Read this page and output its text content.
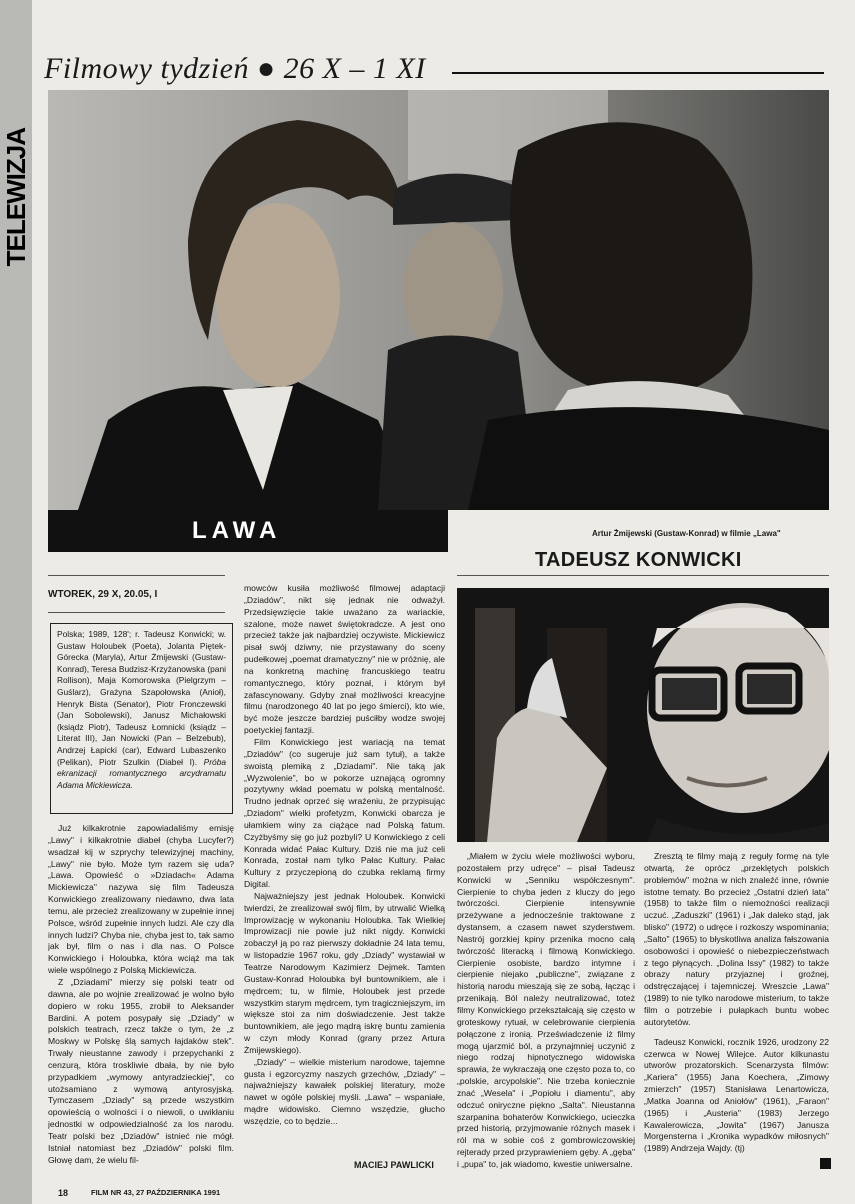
TELEWIZJA
Filmowy tydzień ● 26 X – 1 XI
LAWA	Artur Żmijewski (Gustaw-Konrad) w filmie „Lawa"
TADEUSZ KONWICKI
WTOREK, 29 X, 20.05, I
Polska; 1989, 128'; r. Tadeusz Konwicki; w. Gustaw Holoubek (Poeta), Jolanta Piętek-Górecka (Maryla), Artur Żmijewski (Gustaw-Konrad), Teresa Budzisz-Krzyżanowska (pani Rollison), Maja Komorowska (Pielgrzym – Guślarz), Grażyna Szapołowska (Anioł), Henryk Bista (Senator), Piotr Fronczewski (Jan Sobolewski), Janusz Michałowski (ksiądz Piotr), Tadeusz Łomnicki (ksiądz – Literat III), Jan Nowicki (Pan – Belzebub), Andrzej Łapicki (car), Edward Lubaszenko (Pelikan), Piotr Szulkin (Diabeł I). Próba ekranizacji romantycznego arcydramatu Adama Mickiewicza.

Już kilkakrotnie zapowiadaliśmy emisję „Lawy" i kilkakrotnie diabeł (chyba Lucyfer?) wsadzał kij w szprychy telewizyjnej machiny, „Lawy" nie było. Może tym razem się uda? „Lawa. Opowieść o »Dziadach« Adama Mickiewicza" nazywa się film Tadeusza Konwickiego zrealizowany niedawno, dwa lata temu, ale przecież zrealizowany w zupełnie innej Polsce, wśród zupełnie innych ludzi. Ale czy dla innych ludzi? Chyba nie, chyba jest to, tak samo jak był, film o nas i dla nas. O Polsce Konwickiego i Holoubka, która wciąż ma tak wiele wspólnego z Polską Mickiewicza.

Z „Dziadami" mierzy się polski teatr od dawna, ale po wojnie zrealizować je wolno było dopiero w roku 1955, zrobił to Aleksander Bardini. A potem posypały się „Dziady" w polskich teatrach, rzecz także o tym, że „z Moskwy w Polskę ślą samych łajdaków stek". Trwały nieustanne zawody i przepychanki z cenzurą, która troskliwie dbała, by nie było przypadkiem „wymowy antyradzieckiej", co utożsamiano z wymową antyrosyjską. Tymczasem „Dziady" są przede wszystkim opowieścią o wolności i o niewoli, o uwikłaniu jednostki w odpowiedzialność za los narodu. Teatr polski bez „Dziadów" istnieć nie mógł. Istniał natomiast bez „Dziadów" polski film. Głowę dam, że wielu fil-

mowców kusiła możliwość filmowej adaptacji „Dziadów", nikt się jednak nie odważył. Przedsięwzięcie takie uważano za wariackie, szalone, może nawet świętokradcze. A jest ono przecież także jak najbardziej oczywiste. Mickiewicz pisał swój dziwny, nie przystawany do sceny pudełkowej „poemat dramatyczny" nie w próżnię, ale na konkretną machinę francuskiego teatru romantycznego, który poznał, i którym był zafascynowany. Gdyby znał możliwości kreacyjne filmu (narodzonego 40 lat po jego śmierci), kto wie, być może jeszcze bardziej puściłby wodze swojej poetyckiej fantazji.

Film Konwickiego jest wariacją na temat „Dziadów" (co sugeruje już sam tytuł), a także swoistą plemiką z „Dziadami". Nie taką jak „Wyzwolenie", bo w pokorze uznającą ogromny pozytywny wkład poematu w polską mentalność. Trudno jednak oprzeć się wrażeniu, że przypisując „Dziadom" wielki profetyzm, Konwicki obarcza je ułamkiem winy za ciążące nad Polską fatum. Czyżbyśmy się go już pozbyli? U Konwickiego z celi Konrada widać Pałac Kultury. Dziś nie ma już celi Konrada, został nam tylko Pałac Kultury. Pałac Kultury z przyczepioną do czubka reklamą firmy Digital.

Najważniejszy jest jednak Holoubek. Konwicki twierdzi, że zrealizował swój film, by utrwalić Wielką Improwizację w wykonaniu Holoubka. Tak Wielkiej Improwizacji nie powie już nikt nigdy. Konwicki zobaczył ją po raz pierwszy dokładnie 24 lata temu, w listopadzie 1967 roku, gdy „Dziady" wystawiał w Teatrze Narodowym Kazimierz Dejmek. Tamten Gustaw-Konrad Holoubka był buntownikiem, ale i mędrcem; tu, w filmie, Holoubek jest przede wszystkim starym mędrcem, tym tragiczniejszym, im większe stoi za nim doświadczenie. Jest także buntownikiem, ale jego mądrą iskrę buntu zamienia w czyn młody Konrad (grany przez Artura Żmijewskiego).

„Dziady" – wielkie misterium narodowe, tajemne gusta i egzorcyzmy naszych grzechów, „Dziady" – najważniejszy kawałek polskiej literatury, może nawet w ogóle polskiej myśli. „Lawa" – wspaniałe, mądre widowisko. Ciemno wszędzie, głucho wszędzie, co to będzie...

MACIEJ PAWLICKI

„Miałem w życiu wiele możliwości wyboru, pozostałem przy udręce" – pisał Tadeusz Konwicki w „Senniku współczesnym". Cierpienie to chyba jeden z kluczy do jego twórczości. Cierpienie intensywnie przeżywane a jednocześnie traktowane z dystansem, a czasem nawet szyderstwem. Nastrój gorzkiej kpiny przenika mocno całą twórczość literacką i filmową Konwickiego. Cierpienie osobiste, bardzo intymne i cierpienie niejako „publiczne", związane z historią narodu mieszają się ze sobą, łącząc i przenikają. Ból należy neutralizować, toteż filmy Konwickiego przekształcają się często w groteskowy rytuał, w celebrowanie cierpienia połączone z ironią. Przeświadczenie iż filmy mogą ujarzmić ból, a przynajmniej uczynić z niego rodzaj hipnotycznego widowiska sprawia, że wykraczają one często poza to, co „polskie, arcypolskie". Nie trzeba koniecznie znać „Wesela" i „Popiołu i diamentu", aby odczuć oniryczne piękno „Salta". Nieustanna szarpanina bohaterów Konwickiego, ucieczka przed historią, przyjmowanie różnych masek i ról ma w sobie coś z gombrowiczowskiej rejterady przed przyprawieniem gęby. A „gęba" i „pupa" to, jak wiadomo, kwestie uniwersalne.

Zresztą te filmy mają z reguły formę na tyle otwartą, że oprócz „przeklętych polskich problemów" można w nich znaleźć inne, równie istotne tematy. Bo przecież „Ostatni dzień lata" (1958) to także film o niemożności realizacji uczuć. „Zaduszki" (1961) i „Jak daleko stąd, jak blisko" (1972) o udręce i rozkoszy wspominania; „Salto" (1965) to błyskotliwa analiza fałszowania osobowości i opowieść o niebezpieczeństwach z tego płynących. „Dolina Issy" (1982) to także obrazy natury przyjaznej i groźnej, odstręczającej i tajemniczej. Wreszcie „Lawa" (1989) to nie tylko narodowe misterium, to także film o potrzebie i pułapkach buntu wobec autorytetów.

Tadeusz Konwicki, rocznik 1926, urodzony 22 czerwca w Nowej Wilejce. Autor kilkunastu utworów prozatorskich. Scenarzysta filmów: „Kariera" (1955) Jana Koechera, „Zimowy zmierzch" (1957) Stanisława Lenartowicza, „Matka Joanna od Aniołów" (1961), „Faraon" (1965) i „Austeria" (1983) Jerzego Kawalerowicza, „Jowita" (1967) Janusza Morgensterna i „Kronika wypadków miłosnych" (1989) Andrzeja Wajdy. (tj)

18	FILM NR 43, 27 PAŹDZIERNIKA 1991
